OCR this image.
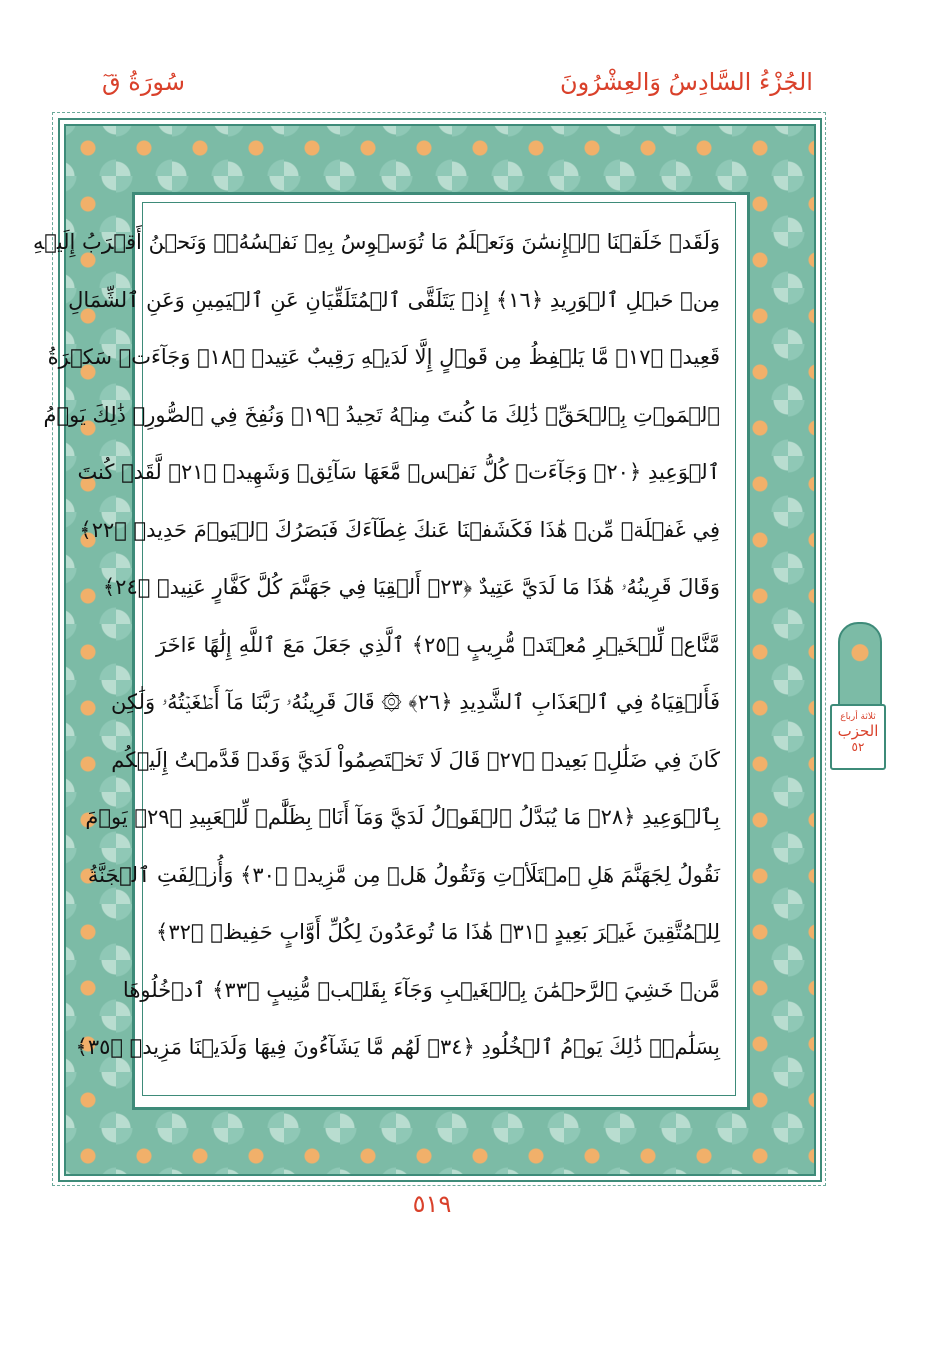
الجُزْءُ السَّادِسُ وَالعِشْرُونَ
سُورَةُ قٓ
وَلَقَدۡ خَلَقۡنَا ٱلۡإِنسَٰنَ وَنَعۡلَمُ مَا تُوَسۡوِسُ بِهِۦ نَفۡسُهُۥۖ وَنَحۡنُ أَقۡرَبُ إِلَيۡهِ
مِنۡ حَبۡلِ ٱلۡوَرِيدِ ﴿١٦﴾ إِذۡ يَتَلَقَّى ٱلۡمُتَلَقِّيَانِ عَنِ ٱلۡيَمِينِ وَعَنِ ٱلشِّمَالِ
قَعِيدٞ ﴿١٧﴾ مَّا يَلۡفِظُ مِن قَوۡلٍ إِلَّا لَدَيۡهِ رَقِيبٌ عَتِيدٞ ﴿١٨﴾ وَجَآءَتۡ سَكۡرَةُ
ٱلۡمَوۡتِ بِٱلۡحَقِّۖ ذَٰلِكَ مَا كُنتَ مِنۡهُ تَحِيدُ ﴿١٩﴾ وَنُفِخَ فِي ٱلصُّورِۚ ذَٰلِكَ يَوۡمُ
ٱلۡوَعِيدِ ﴿٢٠﴾ وَجَآءَتۡ كُلُّ نَفۡسٖ مَّعَهَا سَآئِقٞ وَشَهِيدٞ ﴿٢١﴾ لَّقَدۡ كُنتَ
فِي غَفۡلَةٖ مِّنۡ هَٰذَا فَكَشَفۡنَا عَنكَ غِطَآءَكَ فَبَصَرُكَ ٱلۡيَوۡمَ حَدِيدٞ ﴿٢٢﴾
وَقَالَ قَرِينُهُۥ هَٰذَا مَا لَدَيَّ عَتِيدٌ ﴿٢٣﴾ أَلۡقِيَا فِي جَهَنَّمَ كُلَّ كَفَّارٍ عَنِيدٖ ﴿٢٤﴾
مَّنَّاعٖ لِّلۡخَيۡرِ مُعۡتَدٖ مُّرِيبٍ ﴿٢٥﴾ ٱلَّذِي جَعَلَ مَعَ ٱللَّهِ إِلَٰهًا ءَاخَرَ
فَأَلۡقِيَاهُ فِي ٱلۡعَذَابِ ٱلشَّدِيدِ ﴿٢٦﴾ ۞ قَالَ قَرِينُهُۥ رَبَّنَا مَآ أَطۡغَيۡتُهُۥ وَلَٰكِن
كَانَ فِي ضَلَٰلِۭ بَعِيدٖ ﴿٢٧﴾ قَالَ لَا تَخۡتَصِمُواْ لَدَيَّ وَقَدۡ قَدَّمۡتُ إِلَيۡكُم
بِٱلۡوَعِيدِ ﴿٢٨﴾ مَا يُبَدَّلُ ٱلۡقَوۡلُ لَدَيَّ وَمَآ أَنَا۠ بِظَلَّٰمٖ لِّلۡعَبِيدِ ﴿٢٩﴾ يَوۡمَ
نَقُولُ لِجَهَنَّمَ هَلِ ٱمۡتَلَأۡتِ وَتَقُولُ هَلۡ مِن مَّزِيدٖ ﴿٣٠﴾ وَأُزۡلِفَتِ ٱلۡجَنَّةُ
لِلۡمُتَّقِينَ غَيۡرَ بَعِيدٍ ﴿٣١﴾ هَٰذَا مَا تُوعَدُونَ لِكُلِّ أَوَّابٍ حَفِيظٖ ﴿٣٢﴾
مَّنۡ خَشِيَ ٱلرَّحۡمَٰنَ بِٱلۡغَيۡبِ وَجَآءَ بِقَلۡبٖ مُّنِيبٍ ﴿٣٣﴾ ٱدۡخُلُوهَا
بِسَلَٰمٖۖ ذَٰلِكَ يَوۡمُ ٱلۡخُلُودِ ﴿٣٤﴾ لَهُم مَّا يَشَآءُونَ فِيهَا وَلَدَيۡنَا مَزِيدٞ ﴿٣٥﴾
ثلاثة أرباع
الحزب
٥٢
٥١٩
